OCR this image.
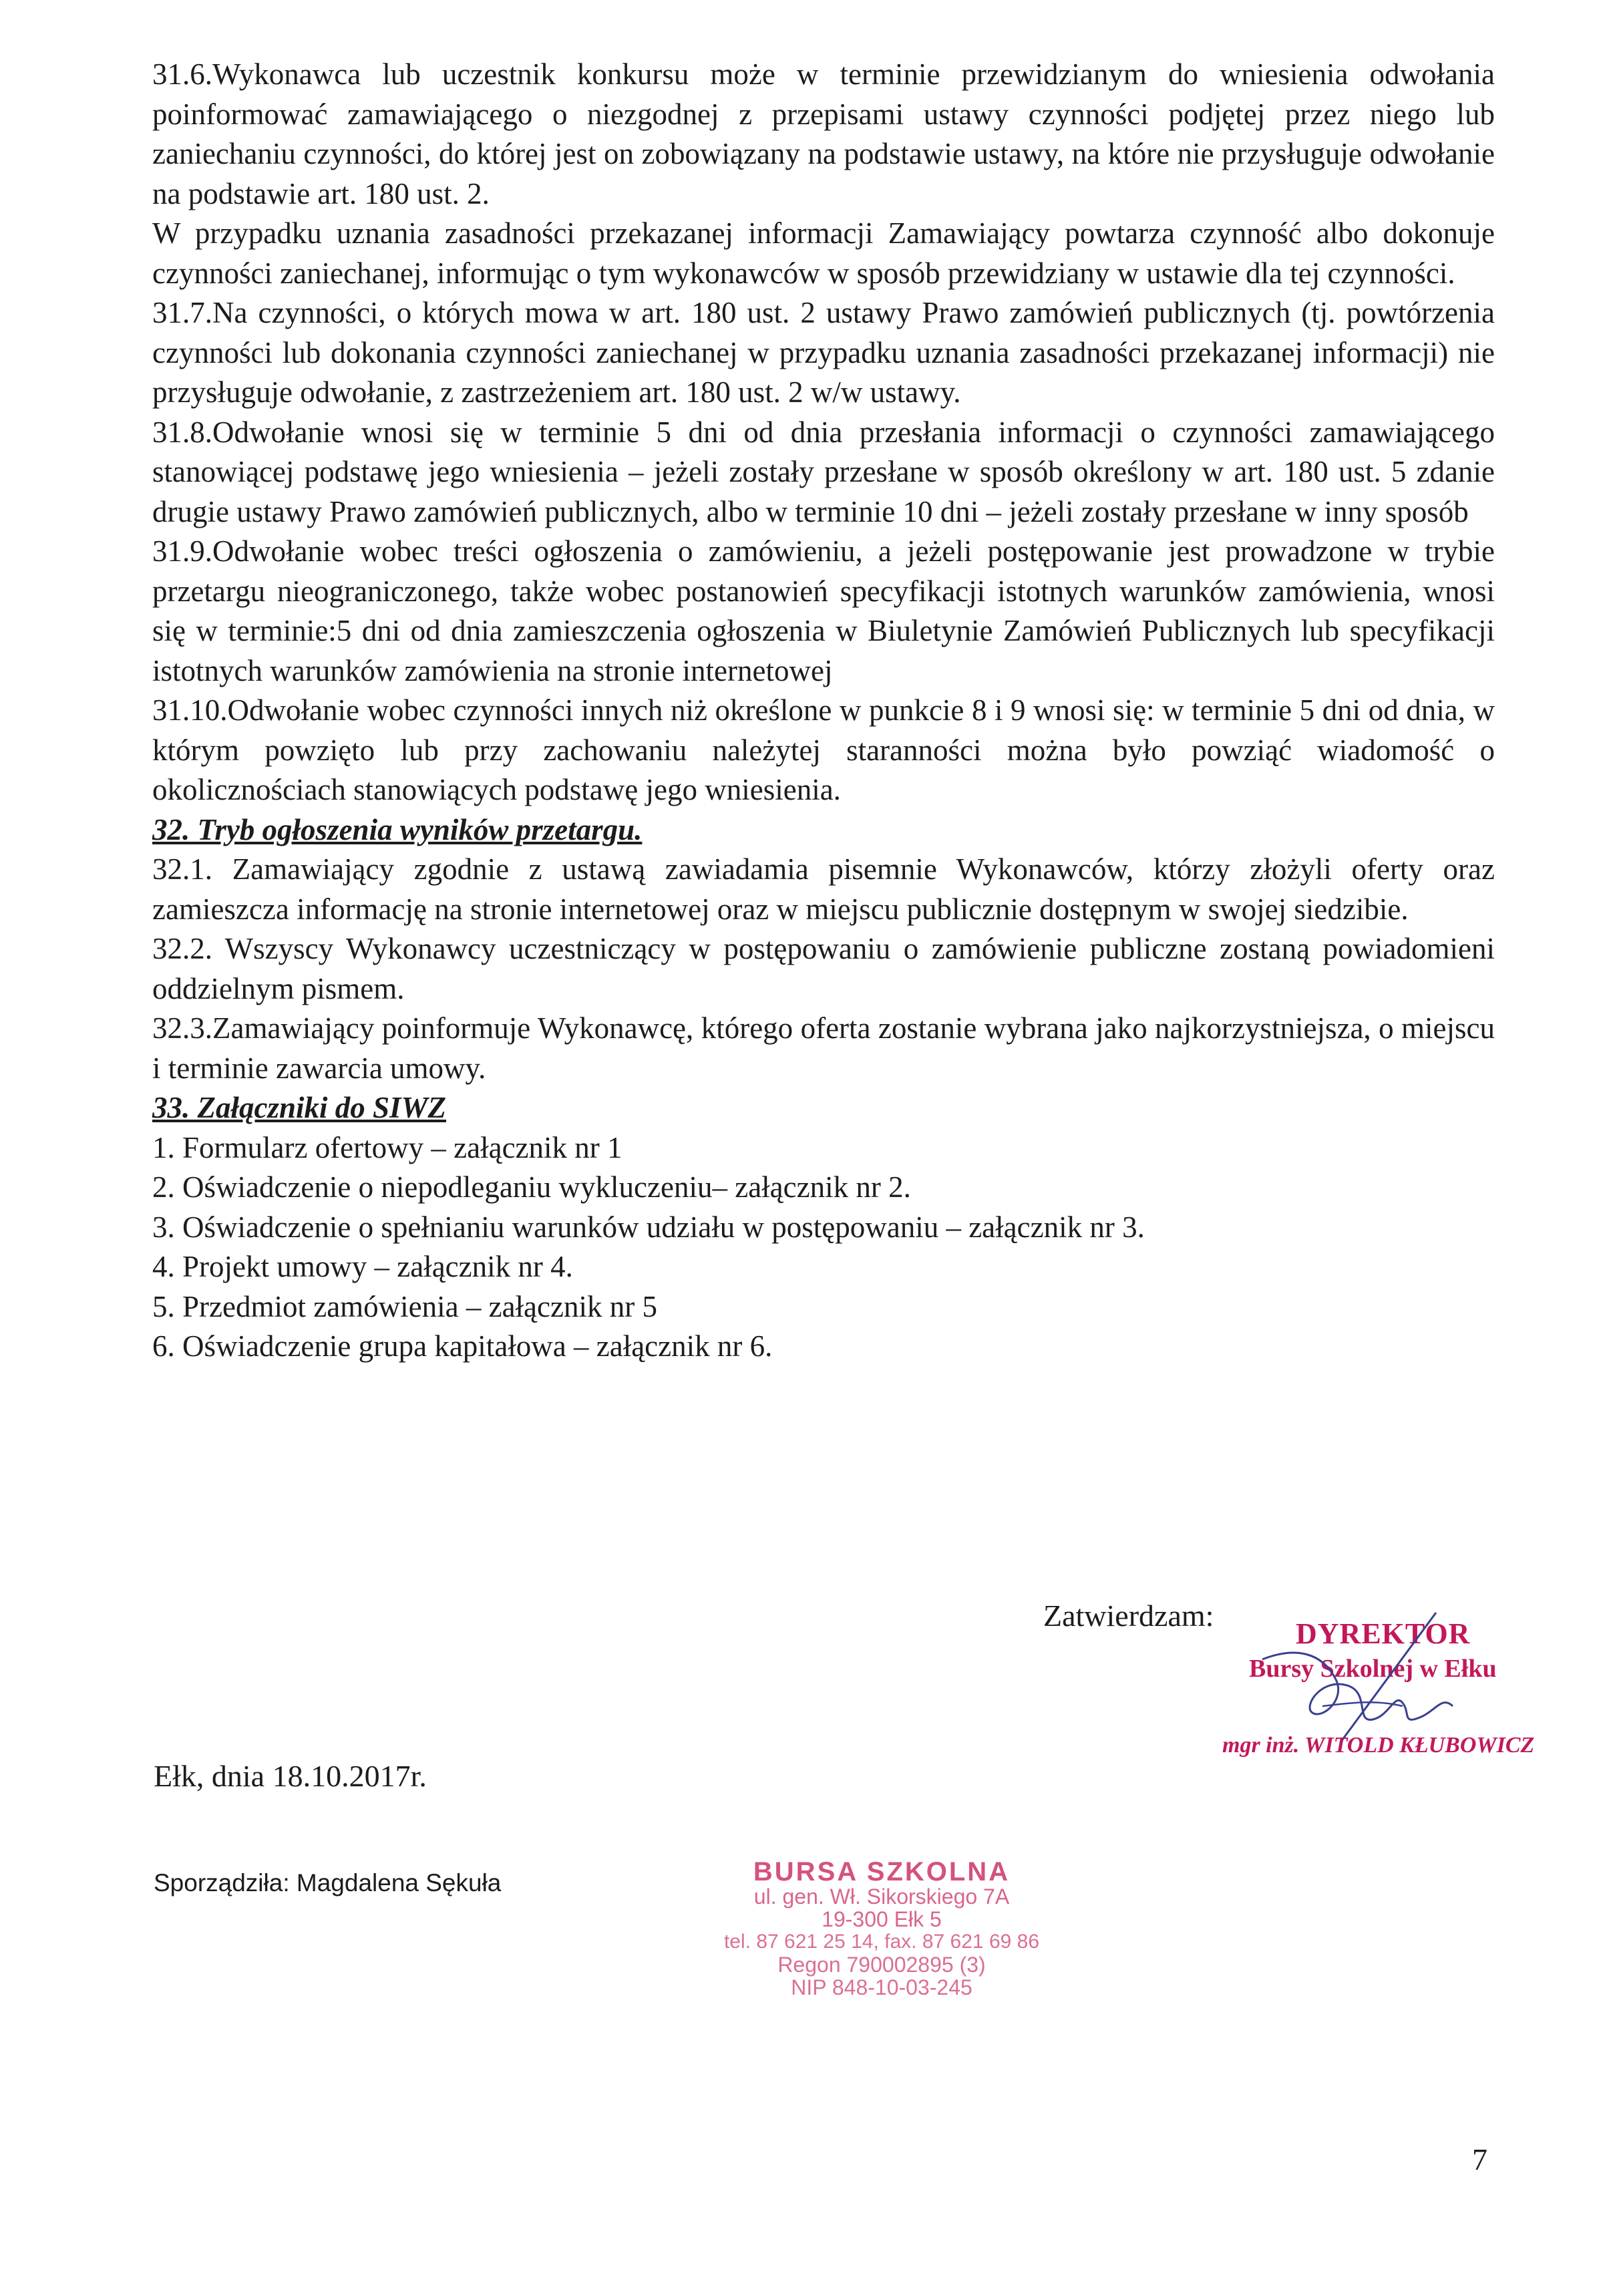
31.6.Wykonawca lub uczestnik konkursu może w terminie przewidzianym do wniesienia odwołania poinformować zamawiającego o niezgodnej z przepisami ustawy czynności podjętej przez niego lub zaniechaniu czynności, do której jest on zobowiązany na podstawie ustawy, na które nie przysługuje odwołanie na podstawie art. 180 ust. 2.

W przypadku uznania zasadności przekazanej informacji Zamawiający powtarza czynność albo dokonuje czynności zaniechanej, informując o tym wykonawców w sposób przewidziany w ustawie dla tej czynności.

31.7.Na czynności, o których mowa w art. 180 ust. 2 ustawy Prawo zamówień publicznych (tj. powtórzenia czynności lub dokonania czynności zaniechanej w przypadku uznania zasadności przekazanej informacji) nie przysługuje odwołanie, z zastrzeżeniem art. 180 ust. 2 w/w ustawy.

31.8.Odwołanie wnosi się w terminie 5 dni od dnia przesłania informacji o czynności zamawiającego stanowiącej podstawę jego wniesienia – jeżeli zostały przesłane w sposób określony w art. 180 ust. 5 zdanie drugie ustawy Prawo zamówień publicznych, albo w terminie 10 dni – jeżeli zostały przesłane w inny sposób

31.9.Odwołanie wobec treści ogłoszenia o zamówieniu, a jeżeli postępowanie jest prowadzone w trybie przetargu nieograniczonego, także wobec postanowień specyfikacji istotnych warunków zamówienia, wnosi się w terminie:5 dni od dnia zamieszczenia ogłoszenia w Biuletynie Zamówień Publicznych lub specyfikacji istotnych warunków zamówienia na stronie internetowej

31.10.Odwołanie wobec czynności innych niż określone w punkcie 8 i 9 wnosi się: w terminie 5 dni od dnia, w którym powzięto lub przy zachowaniu należytej staranności można było powziąć wiadomość o okolicznościach stanowiących podstawę jego wniesienia.

32. Tryb ogłoszenia wyników przetargu.

32.1. Zamawiający zgodnie z ustawą zawiadamia pisemnie Wykonawców, którzy złożyli oferty oraz zamieszcza informację na stronie internetowej oraz w miejscu publicznie dostępnym w swojej siedzibie.

32.2. Wszyscy Wykonawcy uczestniczący w postępowaniu o zamówienie publiczne zostaną powiadomieni oddzielnym pismem.

32.3.Zamawiający poinformuje Wykonawcę, którego oferta zostanie wybrana jako najkorzystniejsza, o miejscu i terminie zawarcia umowy.

33. Załączniki do SIWZ

1. Formularz ofertowy – załącznik nr 1

2. Oświadczenie o niepodleganiu wykluczeniu– załącznik nr 2.

3. Oświadczenie o spełnianiu warunków udziału w postępowaniu – załącznik nr 3.

4. Projekt umowy – załącznik nr 4.

5. Przedmiot zamówienia – załącznik nr 5

6. Oświadczenie grupa kapitałowa – załącznik nr 6.

Zatwierdzam:
DYREKTOR
Bursy Szkolnej w Ełku
mgr inż. WITOLD KŁUBOWICZ
Ełk, dnia 18.10.2017r.
Sporządziła: Magdalena Sękuła	BURSA SZKOLNA
ul. gen. Wł. Sikorskiego 7A
19-300 Ełk 5
tel. 87 621 25 14, fax. 87 621 69 86
Regon 790002895 (3)
NIP 848-10-03-245
7
